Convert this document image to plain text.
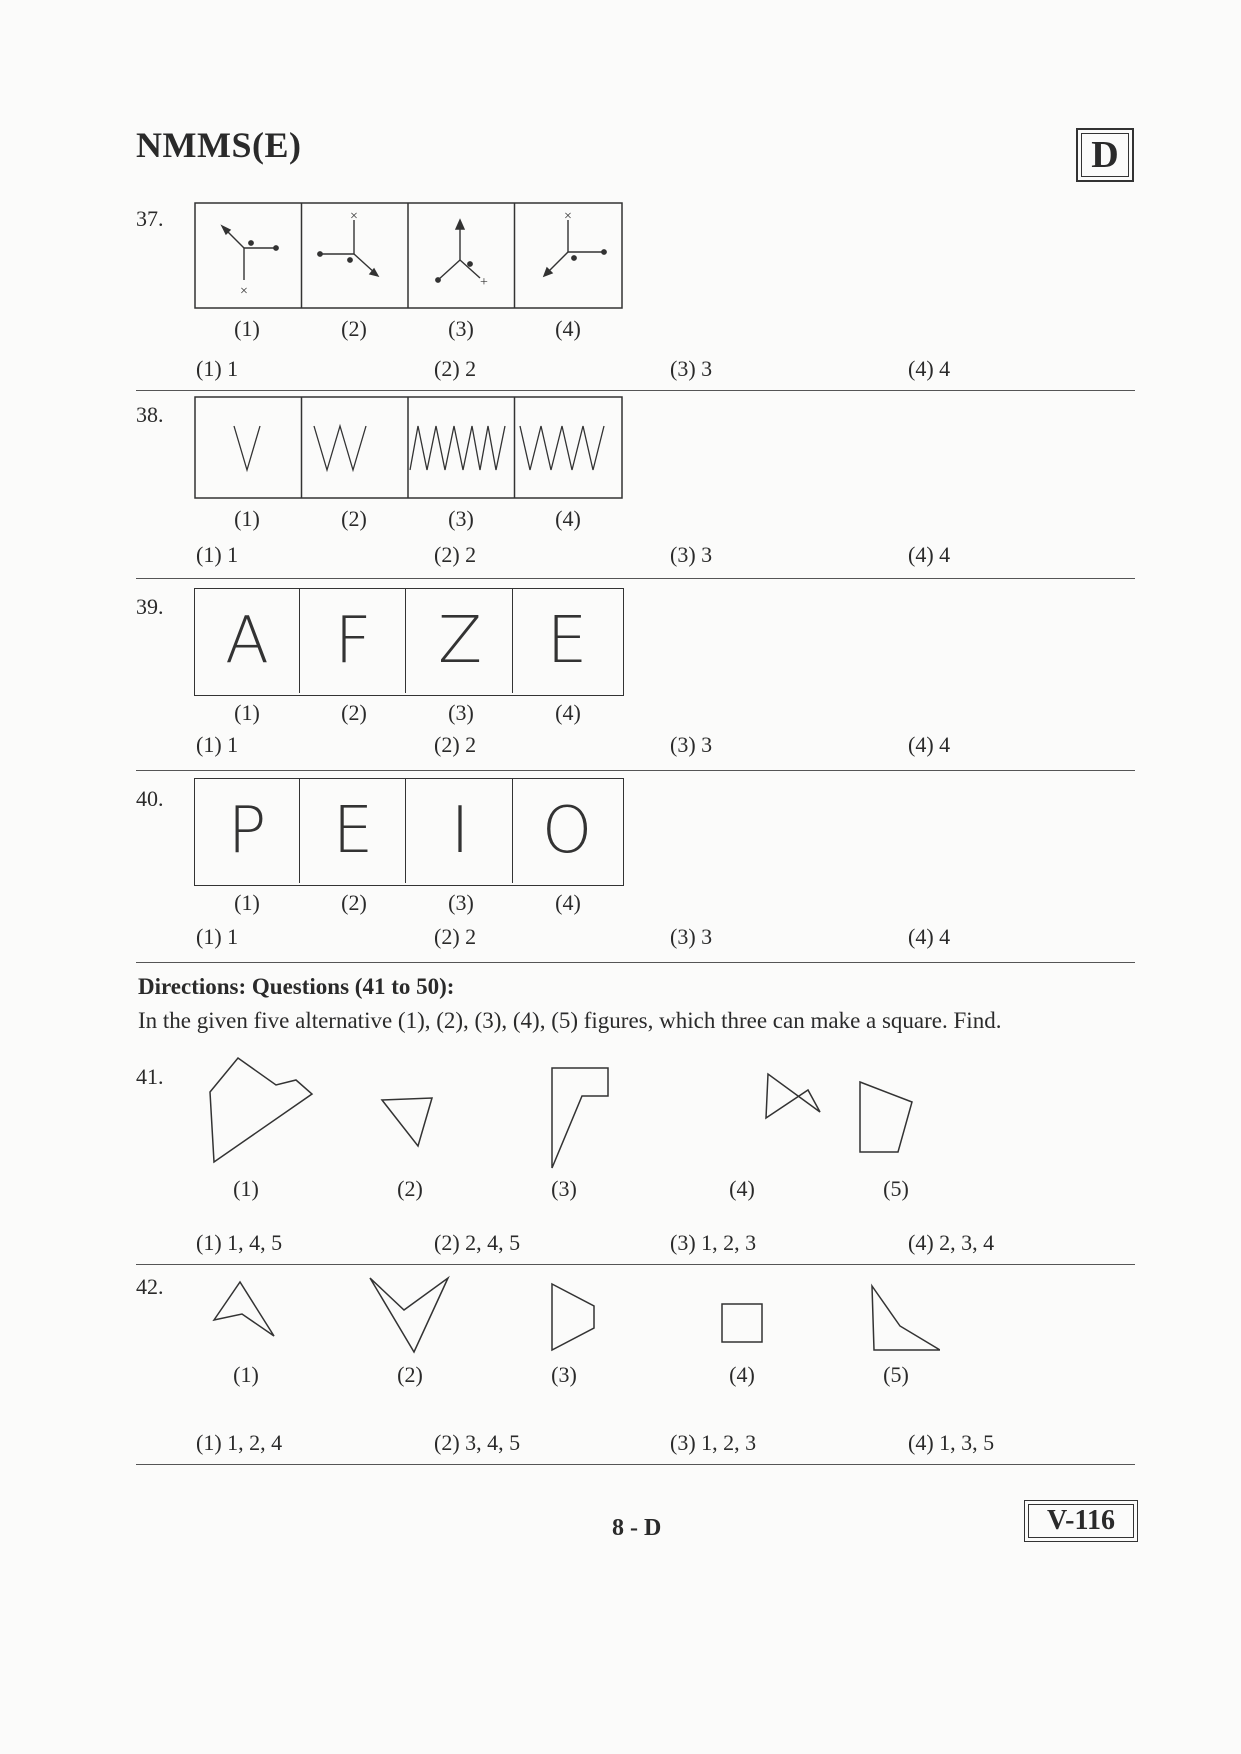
NMMS(E)	D
37.
×
×
+
×
(1)	(2)	(3)	(4)
(1) 1	(2) 2	(3) 3	(4) 4
38.
(1)	(2)	(3)	(4)
(1) 1	(2) 2	(3) 3	(4) 4
39. A	F	Z	E
(1)	(2)	(3)	(4)
(1) 1	(2) 2	(3) 3	(4) 4
40.	P	E	I	O
(1)	(2)	(3)	(4)
(1) 1	(2) 2	(3) 3	(4) 4
Directions: Questions (41 to 50):
In the given five alternative (1), (2), (3), (4), (5) figures, which three can make a square. Find.
41.
(1)	(2)	(3)	(4)	(5)
(1) 1, 4, 5	(2) 2, 4, 5	(3) 1, 2, 3	(4) 2, 3, 4
42.
(1)	(2)	(3)	(4)	(5)
(1) 1, 2, 4	(2) 3, 4, 5	(3) 1, 2, 3	(4) 1, 3, 5
8 - D	V-116
